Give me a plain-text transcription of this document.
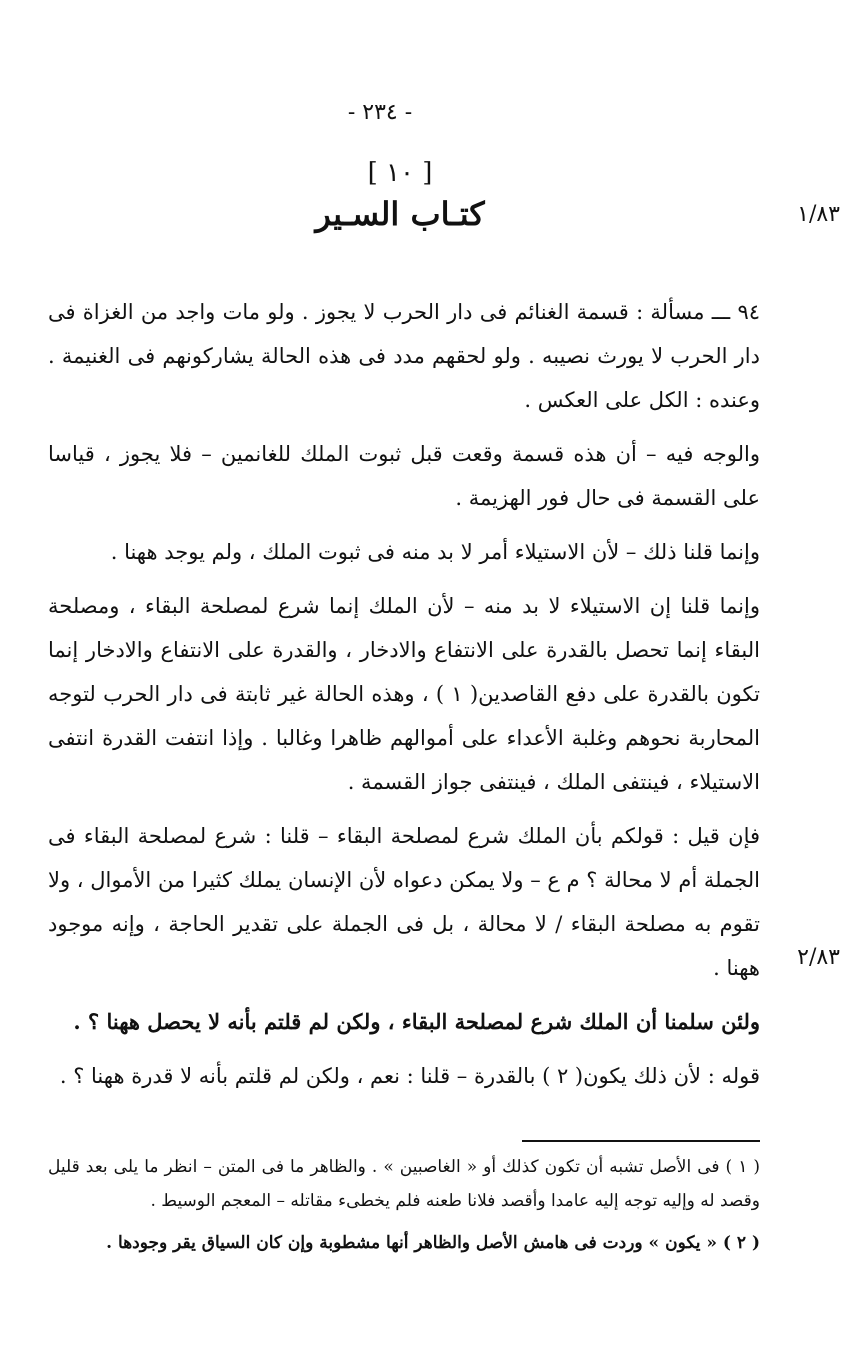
- ٢٣٤ -
[ ١٠ ]
كتـاب السـير	١/٨٣
٢/٨٣

٩٤ ـــ مسألة : قسمة الغنائم فى دار الحرب لا يجوز . ولو مات واجد من الغزاة فى دار الحرب لا يورث نصيبه . ولو لحقهم مدد فى هذه الحالة يشاركونهم فى الغنيمة . وعنده : الكل على العكس .

والوجه فيه – أن هذه قسمة وقعت قبل ثبوت الملك للغانمين – فلا يجوز ، قياسا على القسمة فى حال فور الهزيمة .

وإنما قلنا ذلك – لأن الاستيلاء أمر لا بد منه فى ثبوت الملك ، ولم يوجد ههنا .

وإنما قلنا إن الاستيلاء لا بد منه – لأن الملك إنما شرع لمصلحة البقاء ، ومصلحة البقاء إنما تحصل بالقدرة على الانتفاع والادخار ، والقدرة على الانتفاع والادخار إنما تكون بالقدرة على دفع القاصدين( ١ ) ، وهذه الحالة غير ثابتة فى دار الحرب لتوجه المحاربة نحوهم وغلبة الأعداء على أموالهم ظاهرا وغالبا . وإذا انتفت القدرة انتفى الاستيلاء ، فينتفى الملك ، فينتفى جواز القسمة .

فإن قيل : قولكم بأن الملك شرع لمصلحة البقاء – قلنا : شرع لمصلحة البقاء فى الجملة أم لا محالة ؟ م ع – ولا يمكن دعواه لأن الإنسان يملك كثيرا من الأموال ، ولا تقوم به مصلحة البقاء / لا محالة ، بل فى الجملة على تقدير الحاجة ، وإنه موجود ههنا .

ولئن سلمنا أن الملك شرع لمصلحة البقاء ، ولكن لم قلتم بأنه لا يحصل ههنا ؟ .

قوله : لأن ذلك يكون( ٢ ) بالقدرة – قلنا : نعم ، ولكن لم قلتم بأنه لا قدرة ههنا ؟ .

( ١ ) فى الأصل تشبه أن تكون كذلك أو « الغاصبين » . والظاهر ما فى المتن – انظر ما يلى بعد قليل وقصد له وإليه توجه إليه عامدا وأقصد فلانا طعنه فلم يخطىء مقاتله – المعجم الوسيط .

( ٢ ) « يكون » وردت فى هامش الأصل والظاهر أنها مشطوبة وإن كان السياق يقر وجودها .
